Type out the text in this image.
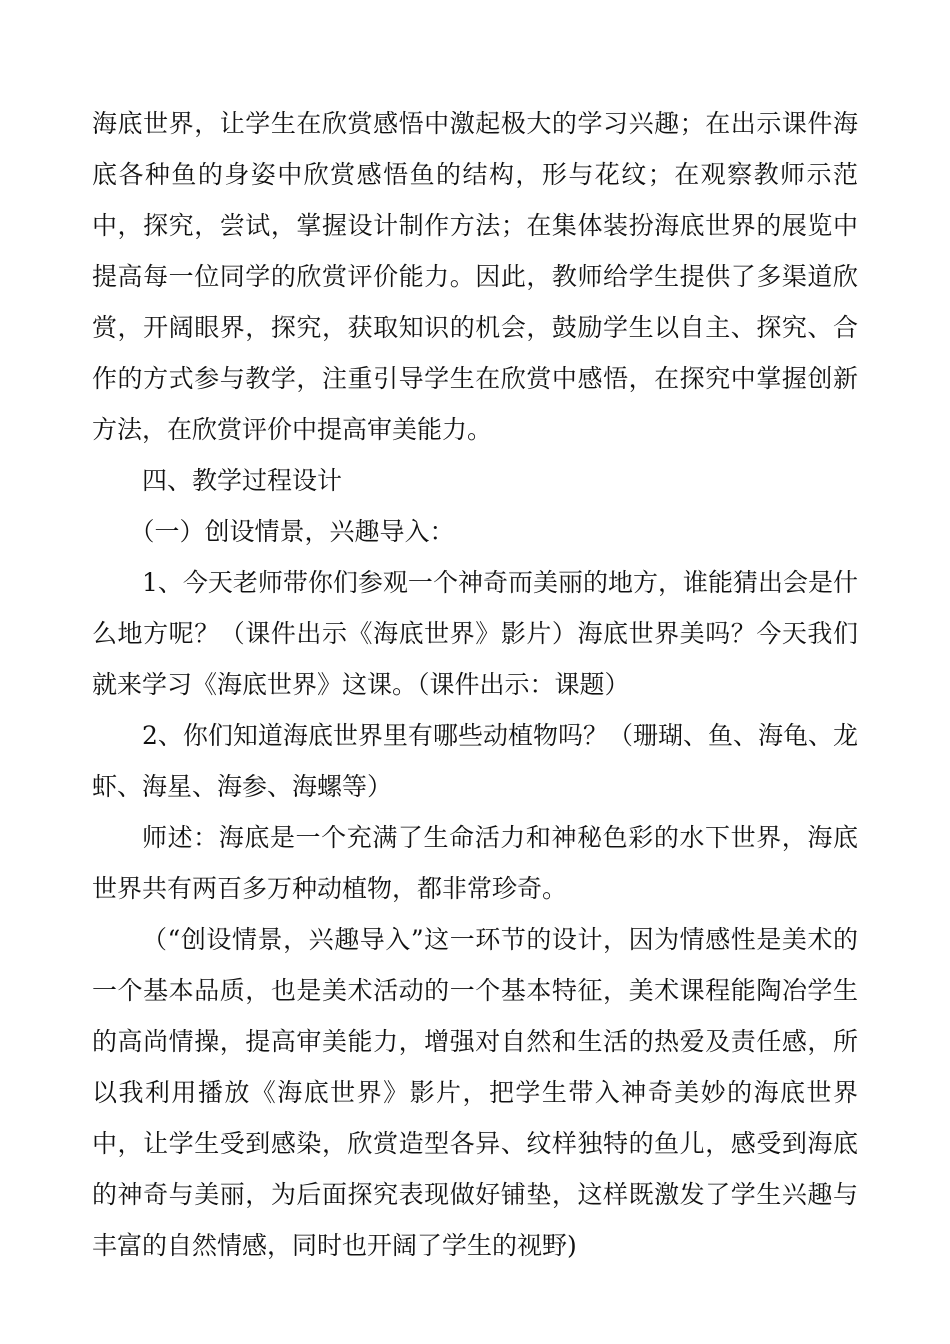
海底世界，让学生在欣赏感悟中激起极大的学习兴趣；在出示课件海底各种鱼的身姿中欣赏感悟鱼的结构，形与花纹；在观察教师示范中，探究，尝试，掌握设计制作方法；在集体装扮海底世界的展览中提高每一位同学的欣赏评价能力。因此，教师给学生提供了多渠道欣赏，开阔眼界，探究，获取知识的机会，鼓励学生以自主、探究、合作的方式参与教学，注重引导学生在欣赏中感悟，在探究中掌握创新方法，在欣赏评价中提高审美能力。

四、教学过程设计

（一）创设情景，兴趣导入：

1、今天老师带你们参观一个神奇而美丽的地方，谁能猜出会是什么地方呢？（课件出示《海底世界》影片）海底世界美吗？今天我们就来学习《海底世界》这课。（课件出示：课题）

2、你们知道海底世界里有哪些动植物吗？（珊瑚、鱼、海龟、龙虾、海星、海参、海螺等）

师述：海底是一个充满了生命活力和神秘色彩的水下世界，海底世界共有两百多万种动植物，都非常珍奇。

（“创设情景，兴趣导入”这一环节的设计，因为情感性是美术的一个基本品质，也是美术活动的一个基本特征，美术课程能陶冶学生的高尚情操，提高审美能力，增强对自然和生活的热爱及责任感，所以我利用播放《海底世界》影片，把学生带入神奇美妙的海底世界中，让学生受到感染，欣赏造型各异、纹样独特的鱼儿，感受到海底的神奇与美丽，为后面探究表现做好铺垫，这样既激发了学生兴趣与丰富的自然情感，同时也开阔了学生的视野)
